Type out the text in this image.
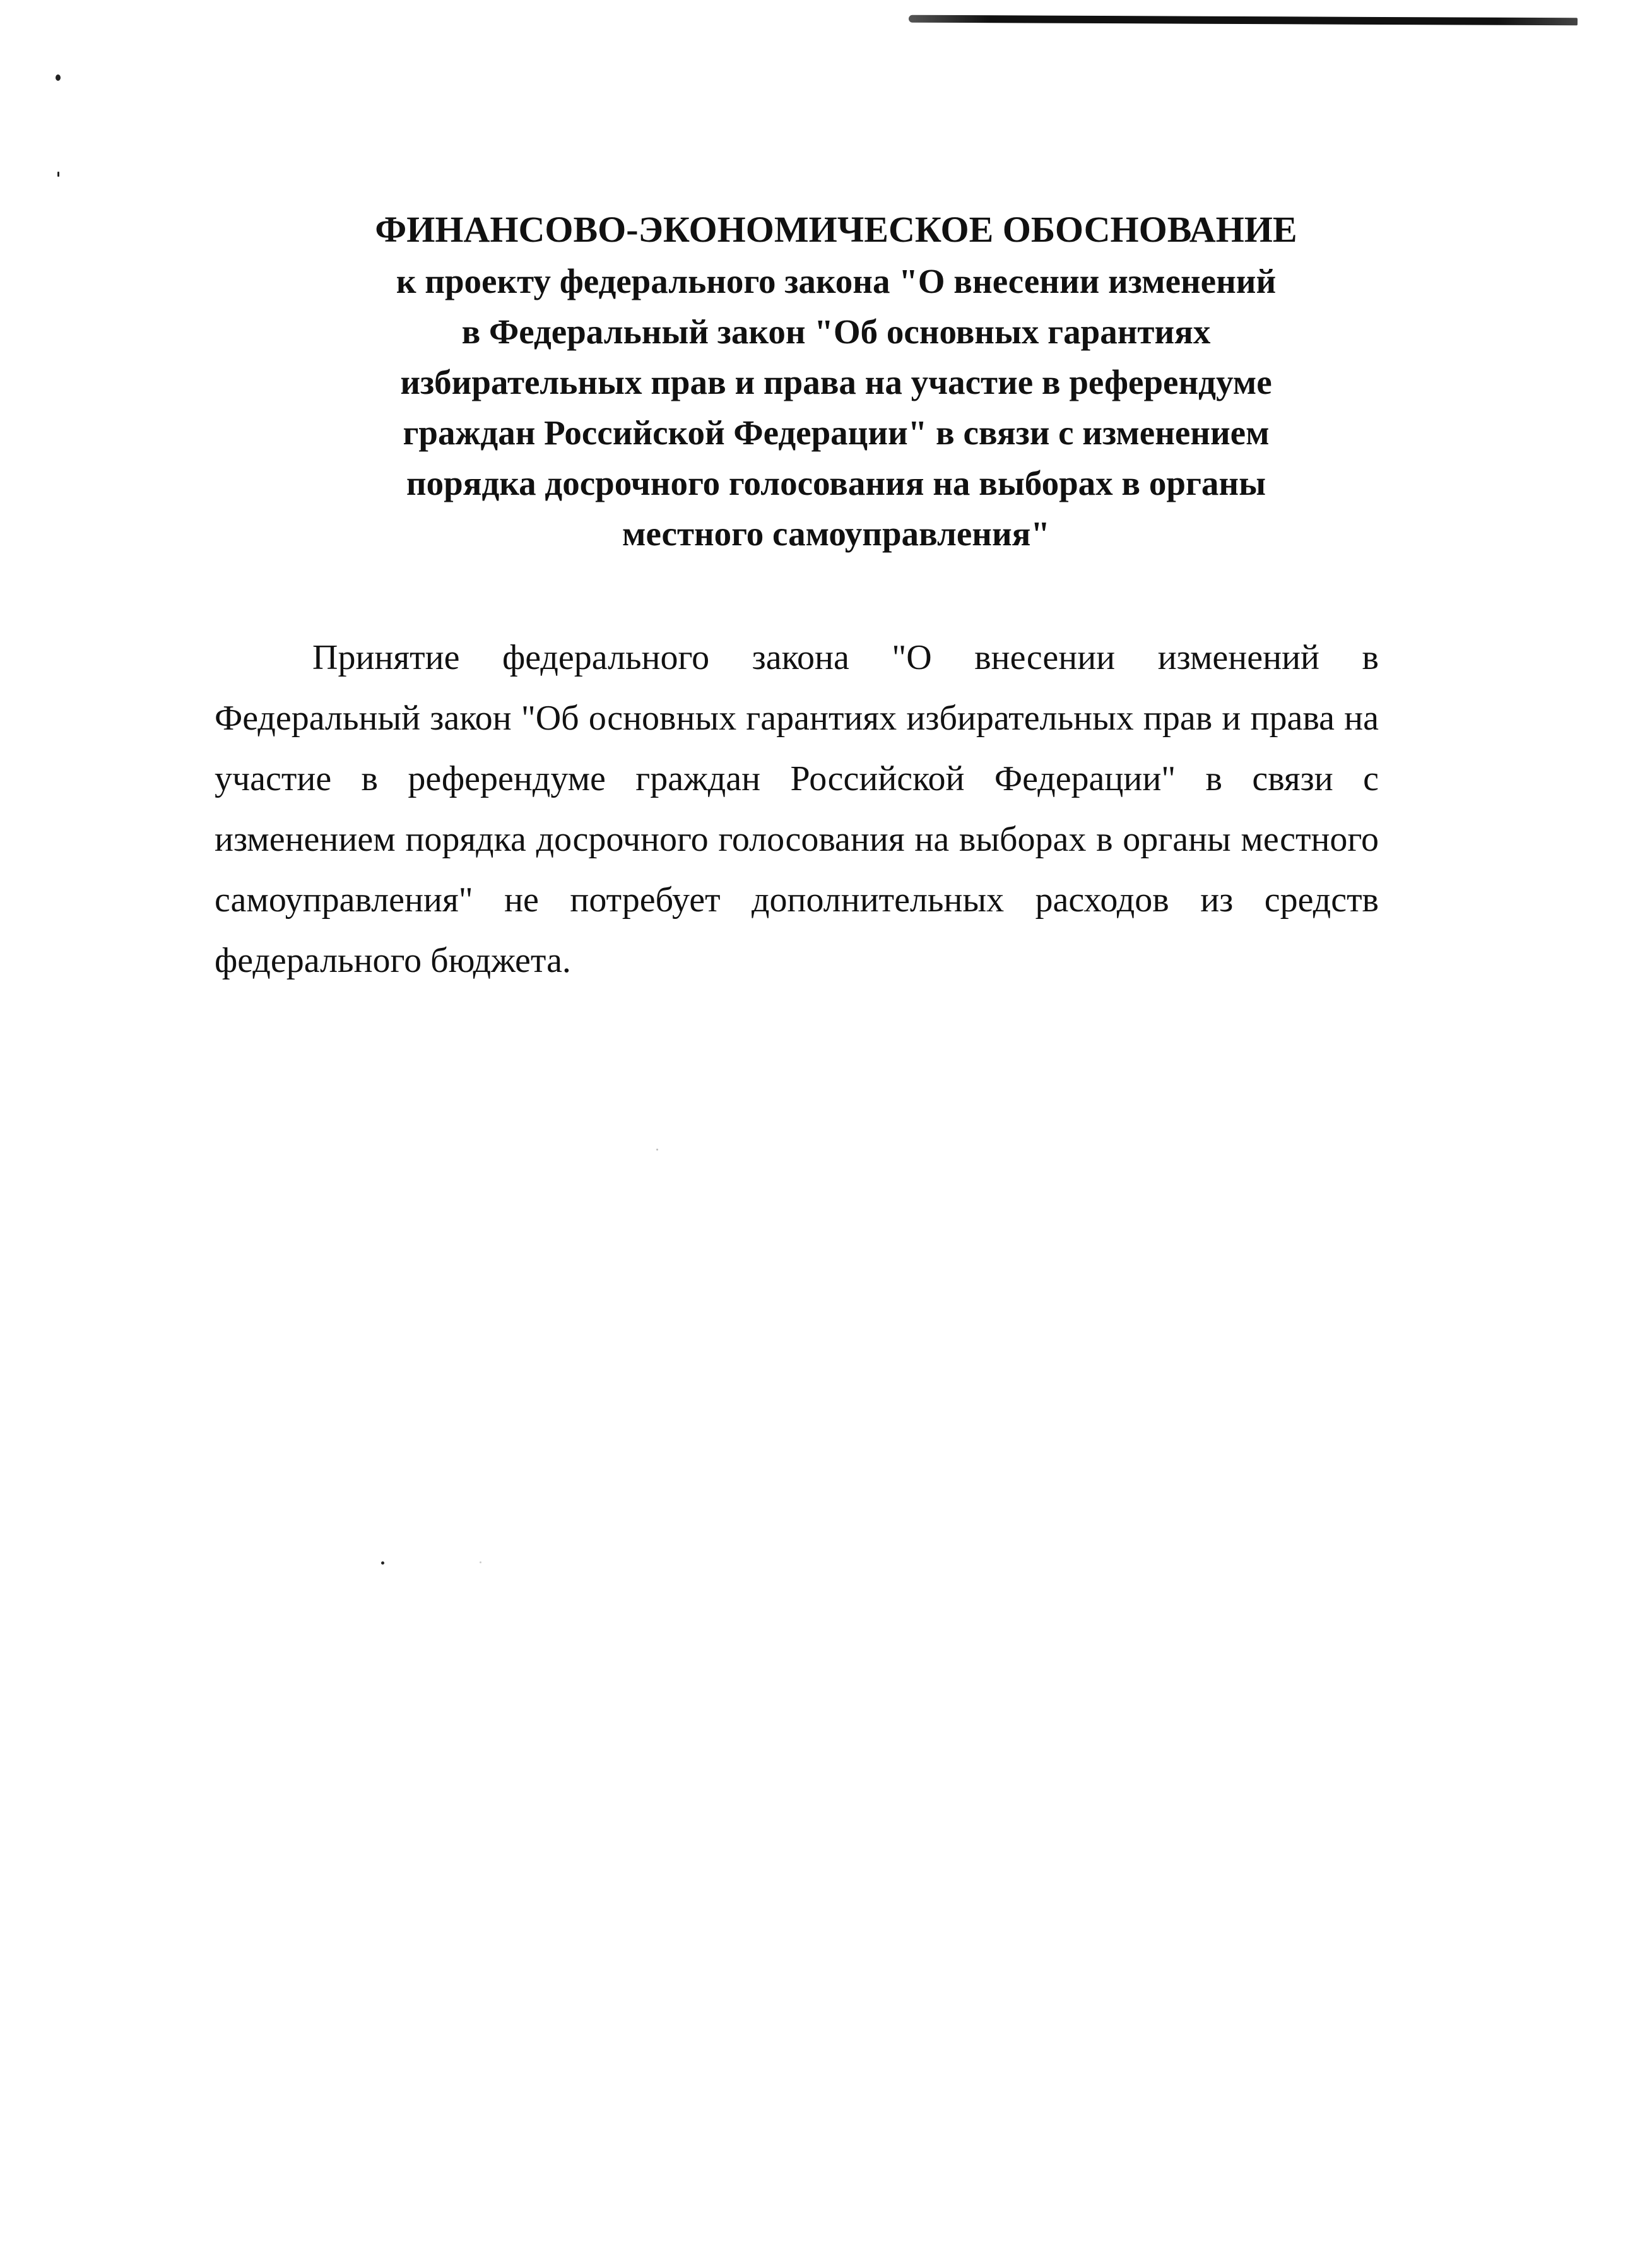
ФИНАНСОВО-ЭКОНОМИЧЕСКОЕ ОБОСНОВАНИЕ
к проекту федерального закона "О внесении изменений
в Федеральный закон "Об основных гарантиях
избирательных прав и права на участие в референдуме
граждан Российской Федерации" в связи с изменением
порядка досрочного голосования на выборах в органы
местного самоуправления"

Принятие федерального закона "О внесении изменений в Федеральный закон "Об основных гарантиях избирательных прав и права на участие в референдуме граждан Российской Федерации" в связи с изменением порядка досрочного голосования на выборах в органы местного самоуправления" не потребует дополнительных расходов из средств федерального бюджета.
